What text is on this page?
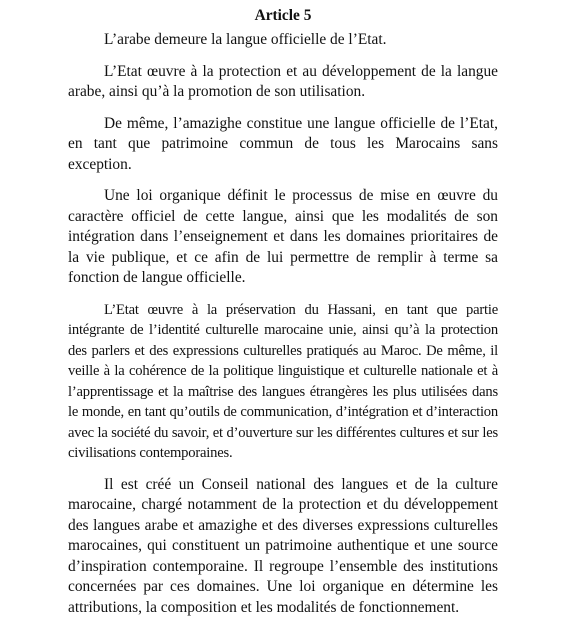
Article 5

L’arabe demeure la langue officielle de l’Etat.

L’Etat œuvre à la protection et au développement de la langue arabe, ainsi qu’à la promotion de son utilisation.

De même, l’amazighe constitue une langue officielle de l’Etat, en tant que patrimoine commun de tous les Marocains sans exception.

Une loi organique définit le processus de mise en œuvre du caractère officiel de cette langue, ainsi que les modalités de son intégration dans l’enseignement et dans les domaines prioritaires de la vie publique, et ce afin de lui permettre de remplir à terme sa fonction de langue officielle.

L’Etat œuvre à la préservation du Hassani, en tant que partie intégrante de l’identité culturelle marocaine unie, ainsi qu’à la protection des parlers et des expressions culturelles pratiqués au Maroc. De même, il veille à la cohérence de la politique linguistique et culturelle nationale et à l’apprentissage et la maîtrise des langues étrangères les plus utilisées dans le monde, en tant qu’outils de communication, d’intégration et d’interaction avec la société du savoir, et d’ouverture sur les différentes cultures et sur les civilisations contemporaines.

Il est créé un Conseil national des langues et de la culture marocaine, chargé notamment de la protection et du développement des langues arabe et amazighe et des diverses expressions culturelles marocaines, qui constituent un patrimoine authentique et une source d’inspiration contemporaine. Il regroupe l’ensemble des institutions concernées par ces domaines. Une loi organique en détermine les attributions, la composition et les modalités de fonctionnement.
